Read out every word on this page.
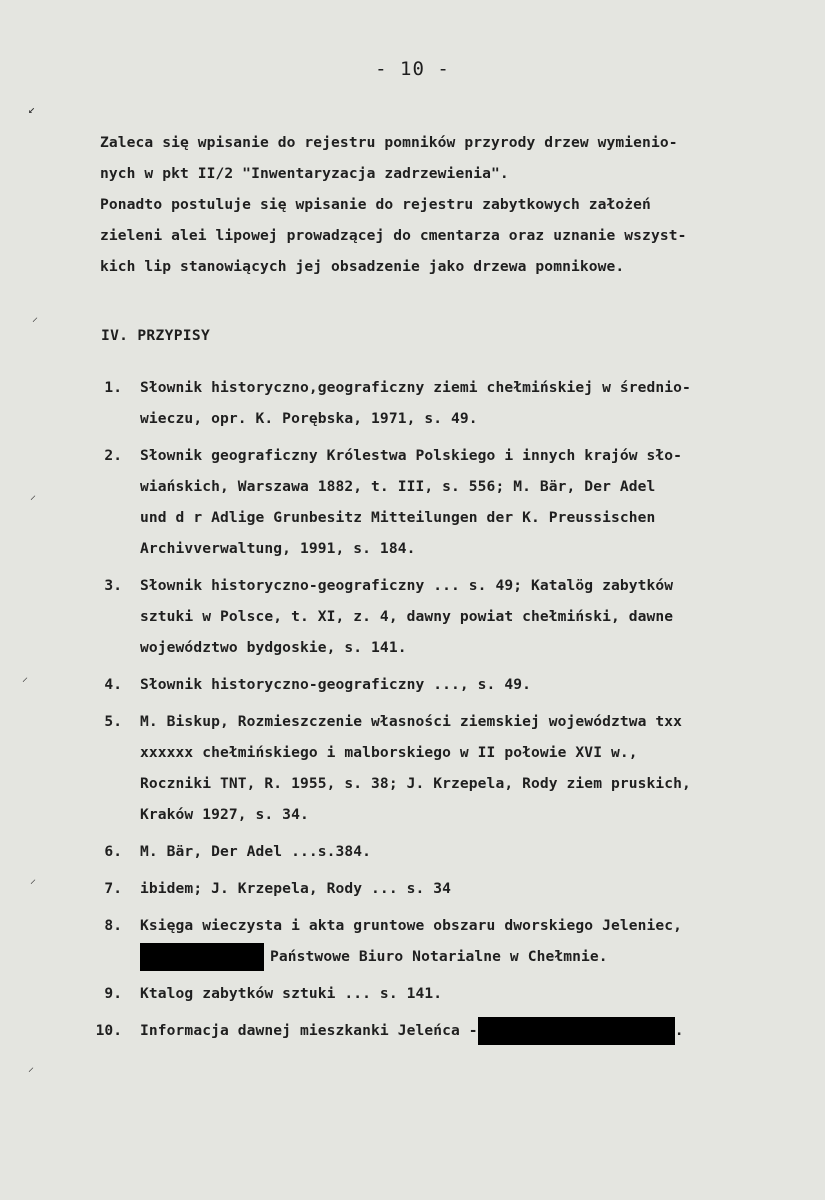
- 10 -
↙
⸝
⸝
⸝
⸝
⸝
Zaleca się wpisanie do rejestru pomników przyrody drzew wymienio-
nych w pkt II/2 "Inwentaryzacja zadrzewienia".
Ponadto postuluje się wpisanie do rejestru zabytkowych założeń
zieleni alei lipowej prowadzącej do cmentarza oraz uznanie wszyst-
kich lip stanowiących jej obsadzenie jako drzewa pomnikowe.
IV. PRZYPISY
1. Słownik historyczno,geograficzny ziemi chełmińskiej w średnio-
wieczu, opr. K. Porębska, 1971, s. 49.
2. Słownik geograficzny Królestwa Polskiego i innych krajów sło-
wiańskich, Warszawa 1882, t. III, s. 556; M. Bär, Der Adel
und d r Adlige Grunbesitz Mitteilungen der K. Preussischen
Archivverwaltung, 1991, s. 184.
3. Słownik historyczno-geograficzny ... s. 49; Katalög zabytków
sztuki w Polsce, t. XI, z. 4, dawny powiat chełmiński, dawne
województwo bydgoskie, s. 141.
4. Słownik historyczno-geograficzny ..., s. 49.
5. M. Biskup, Rozmieszczenie własności ziemskiej województwa txx
xxxxxx chełmińskiego i malborskiego w II połowie XVI w.,
Roczniki TNT, R. 1955, s. 38; J. Krzepela, Rody ziem pruskich,
Kraków 1927, s. 34.
6. M. Bär, Der Adel ...s.384.
7. ibidem; J. Krzepela, Rody ... s. 34
8. Księga wieczysta i akta gruntowe obszaru dworskiego Jeleniec,
Państwowe Biuro Notarialne w Chełmnie.
9. Ktalog zabytków sztuki ... s. 141.
10. Informacja dawnej mieszkanki Jeleńca -	.
